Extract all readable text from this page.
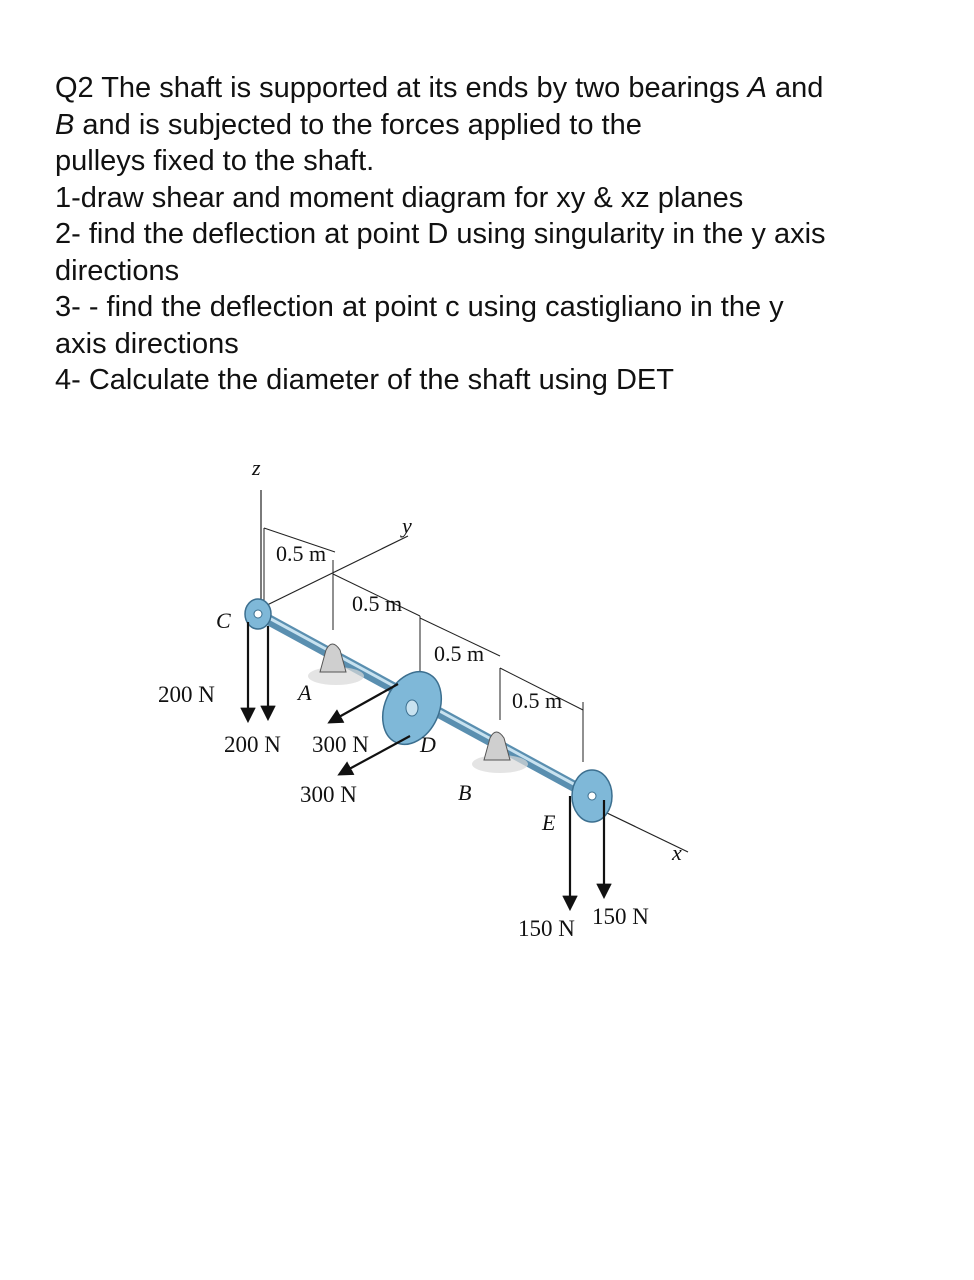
Q2 The shaft is supported at its ends by two bearings A and
B and is subjected to the forces applied to the
pulleys fixed to the shaft.
1-draw shear and moment diagram for xy & xz planes
2- find the deflection at point D using singularity in the y axis
directions
3- - find the deflection at point c using castigliano in the y
axis directions
4- Calculate the diameter of the shaft using DET
z
y
x
0.5 m
0.5 m
0.5 m
0.5 m
C
A
D
B
E
200 N
200 N 300 N
300 N
150 N 150 N
